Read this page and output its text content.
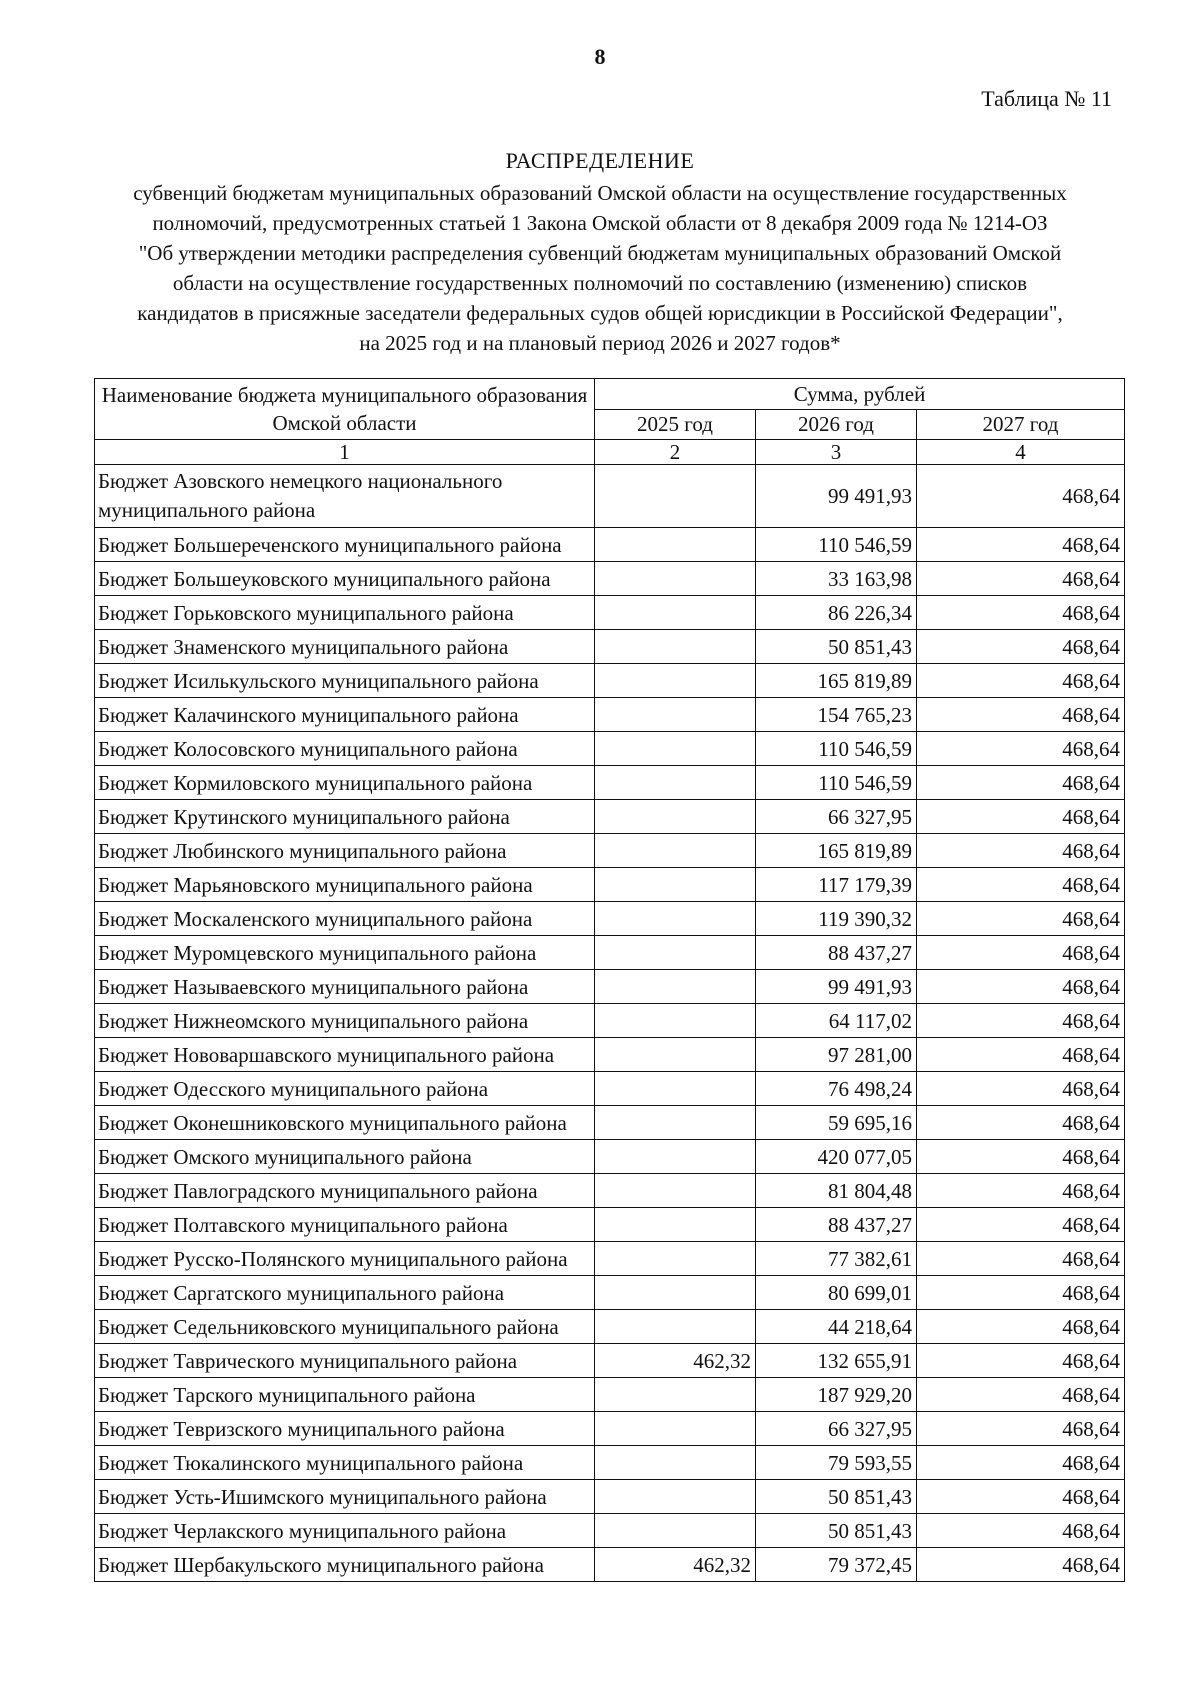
8
Таблица № 11
РАСПРЕДЕЛЕНИЕ
субвенций бюджетам муниципальных образований Омской области на осуществление государственных
полномочий, предусмотренных статьей 1 Закона Омской области от 8 декабря 2009 года № 1214-ОЗ
"Об утверждении методики распределения субвенций бюджетам муниципальных образований Омской
области на осуществление государственных полномочий по составлению (изменению) списков
кандидатов в присяжные заседатели федеральных судов общей юрисдикции в Российской Федерации",
на 2025 год и на плановый период 2026 и 2027 годов*
Наименование бюджета муниципального образования Омской области	Сумма, рублей		
	2025 год	2026 год	2027 год
1	2	3	4
Бюджет Азовского немецкого национального муниципального района		99 491,93	468,64
Бюджет Большереченского муниципального района		110 546,59	468,64
Бюджет Большеуковского муниципального района		33 163,98	468,64
Бюджет Горьковского муниципального района		86 226,34	468,64
Бюджет Знаменского муниципального района		50 851,43	468,64
Бюджет Исилькульского муниципального района		165 819,89	468,64
Бюджет Калачинского муниципального района		154 765,23	468,64
Бюджет Колосовского муниципального района		110 546,59	468,64
Бюджет Кормиловского муниципального района		110 546,59	468,64
Бюджет Крутинского муниципального района		66 327,95	468,64
Бюджет Любинского муниципального района		165 819,89	468,64
Бюджет Марьяновского муниципального района		117 179,39	468,64
Бюджет Москаленского муниципального района		119 390,32	468,64
Бюджет Муромцевского муниципального района		88 437,27	468,64
Бюджет Называевского муниципального района		99 491,93	468,64
Бюджет Нижнеомского муниципального района		64 117,02	468,64
Бюджет Нововаршавского муниципального района		97 281,00	468,64
Бюджет Одесского муниципального района		76 498,24	468,64
Бюджет Оконешниковского муниципального района		59 695,16	468,64
Бюджет Омского муниципального района		420 077,05	468,64
Бюджет Павлоградского муниципального района		81 804,48	468,64
Бюджет Полтавского муниципального района		88 437,27	468,64
Бюджет Русско-Полянского муниципального района		77 382,61	468,64
Бюджет Саргатского муниципального района		80 699,01	468,64
Бюджет Седельниковского муниципального района		44 218,64	468,64
Бюджет Таврического муниципального района	462,32	132 655,91	468,64
Бюджет Тарского муниципального района		187 929,20	468,64
Бюджет Тевризского муниципального района		66 327,95	468,64
Бюджет Тюкалинского муниципального района		79 593,55	468,64
Бюджет Усть-Ишимского муниципального района		50 851,43	468,64
Бюджет Черлакского муниципального района		50 851,43	468,64
Бюджет Шербакульского муниципального района	462,32	79 372,45	468,64
